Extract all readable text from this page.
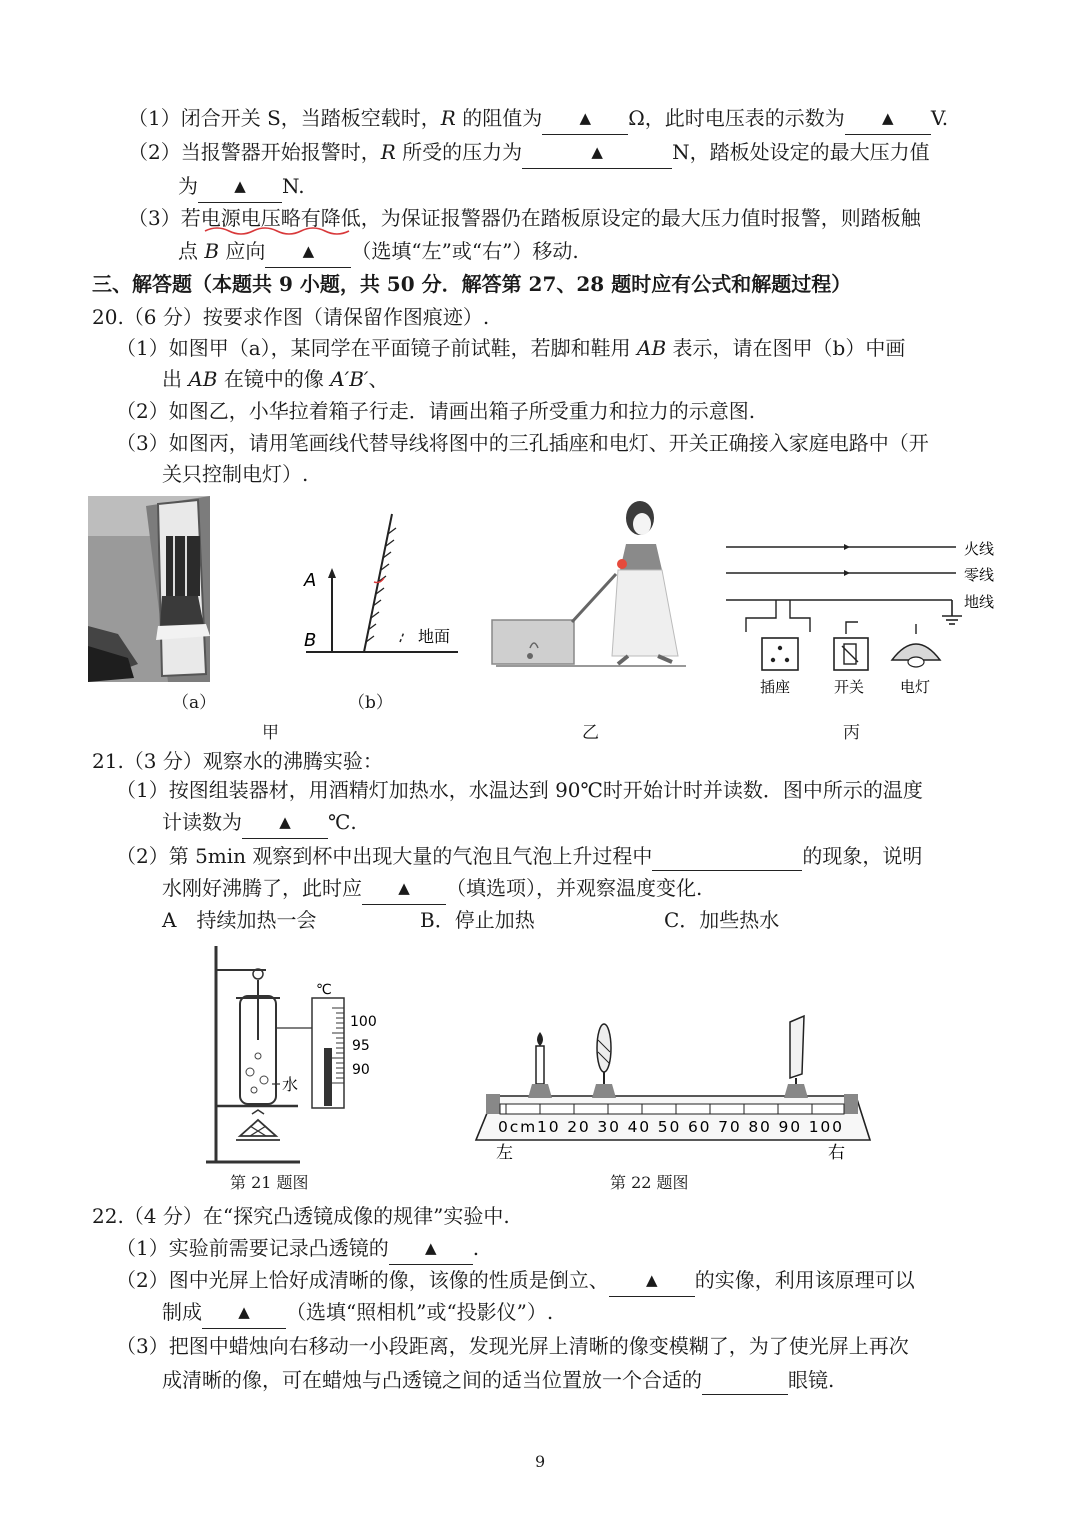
（1）闭合开关 S，当踏板空载时，R 的阻值为 ▲ Ω，此时电压表的示数为 ▲ V.
（2）当报警器开始报警时，R 所受的压力为	▲	N，踏板处设定的最大压力值
为 ▲ N.
（3）若电源电压略有降低，为保证报警器仍在踏板原设定的最大压力值时报警，则踏板触
点 B 应向 ▲ （选填“左”或“右”）移动.
三、解答题（本题共 9 小题，共 50 分．解答第 27、28 题时应有公式和解题过程）
20.（6 分）按要求作图（请保留作图痕迹）.
（1）如图甲（a），某同学在平面镜子前试鞋，若脚和鞋用 AB 表示，请在图甲（b）中画
出 AB 在镜中的像 A′B′、
（2）如图乙，小华拉着箱子行走．请画出箱子所受重力和拉力的示意图.
（3）如图丙，请用笔画线代替导线将图中的三孔插座和电灯、开关正确接入家庭电路中（开
关只控制电灯）.
（a）
A
B	地面
（b）
甲	乙
火线
零线
地线
插座	开关 电灯
丙
21.（3 分）观察水的沸腾实验：
（1）按图组装器材，用酒精灯加热水，水温达到 90℃时开始计时并读数．图中所示的温度
计读数为 ▲ ℃.
（2）第 5min 观察到杯中出现大量的气泡且气泡上升过程中	的现象，说明
水刚好沸腾了，此时应 ▲ （填选项），并观察温度变化.
A　持续加热一会	B．停止加热	C．加些热水
水
℃
100
95
90
第 21 题图
0cm10 20 30 40 50 60 70 80 90 100
左	右
第 22 题图
22.（4 分）在“探究凸透镜成像的规律”实验中.
（1）实验前需要记录凸透镜的 ▲ .
（2）图中光屏上恰好成清晰的像，该像的性质是倒立、 ▲ 的实像，利用该原理可以
制成 ▲ （选填“照相机”或“投影仪”）.
（3）把图中蜡烛向右移动一小段距离，发现光屏上清晰的像变模糊了，为了使光屏上再次
成清晰的像，可在蜡烛与凸透镜之间的适当位置放一个合适的	眼镜.
9
